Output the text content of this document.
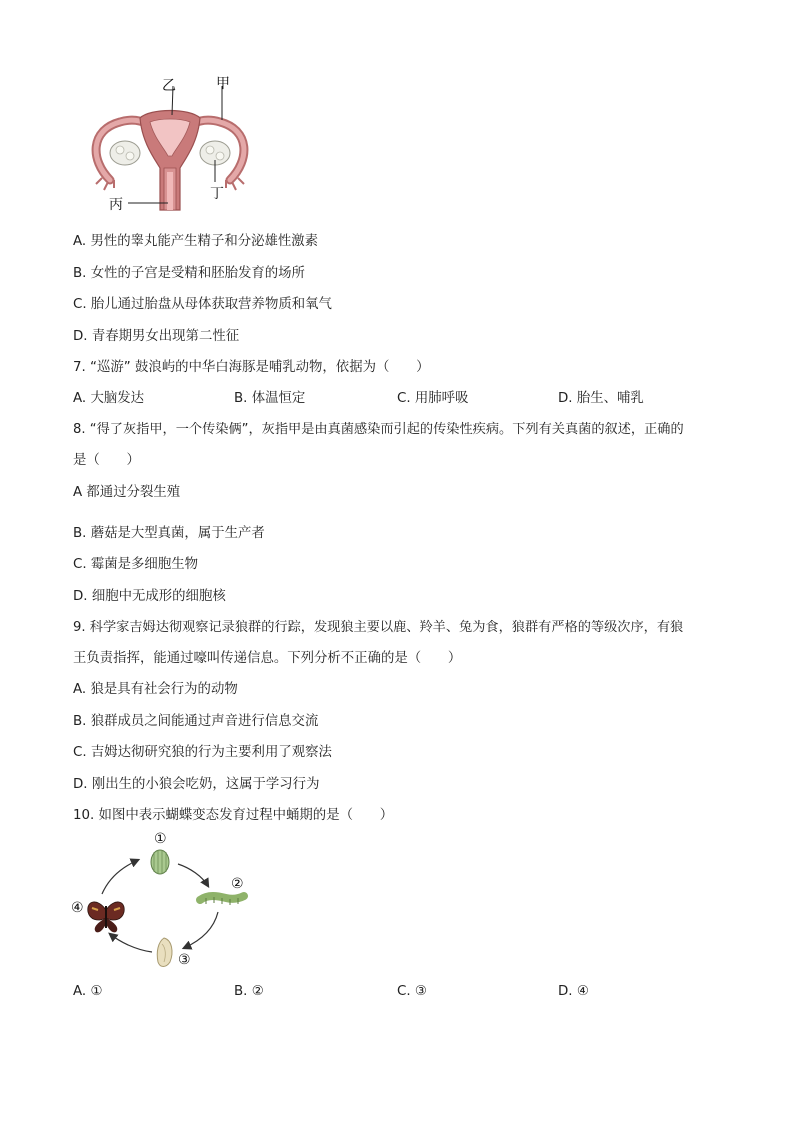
乙	甲
丁
丙
A. 男性的睾丸能产生精子和分泌雄性激素
B. 女性的子宫是受精和胚胎发育的场所
C. 胎儿通过胎盘从母体获取营养物质和氧气
D. 青春期男女出现第二性征
7. “巡游” 鼓浪屿的中华白海豚是哺乳动物，依据为（　　）
A. 大脑发达	B. 体温恒定	C. 用肺呼吸	D. 胎生、哺乳
8. “得了灰指甲，一个传染俩”，灰指甲是由真菌感染而引起的传染性疾病。下列有关真菌的叙述，正确的
是（　　）
A 都通过分裂生殖
B. 蘑菇是大型真菌，属于生产者
C. 霉菌是多细胞生物
D. 细胞中无成形的细胞核
9. 科学家吉姆达彻观察记录狼群的行踪，发现狼主要以鹿、羚羊、兔为食，狼群有严格的等级次序，有狼
王负责指挥，能通过嚎叫传递信息。下列分析不正确的是（　　）
A. 狼是具有社会行为的动物
B. 狼群成员之间能通过声音进行信息交流
C. 吉姆达彻研究狼的行为主要利用了观察法
D. 刚出生的小狼会吃奶，这属于学习行为
10. 如图中表示蝴蝶变态发育过程中蛹期的是（　　）
①
②
③
④
A. ①	B. ②	C. ③	D. ④
